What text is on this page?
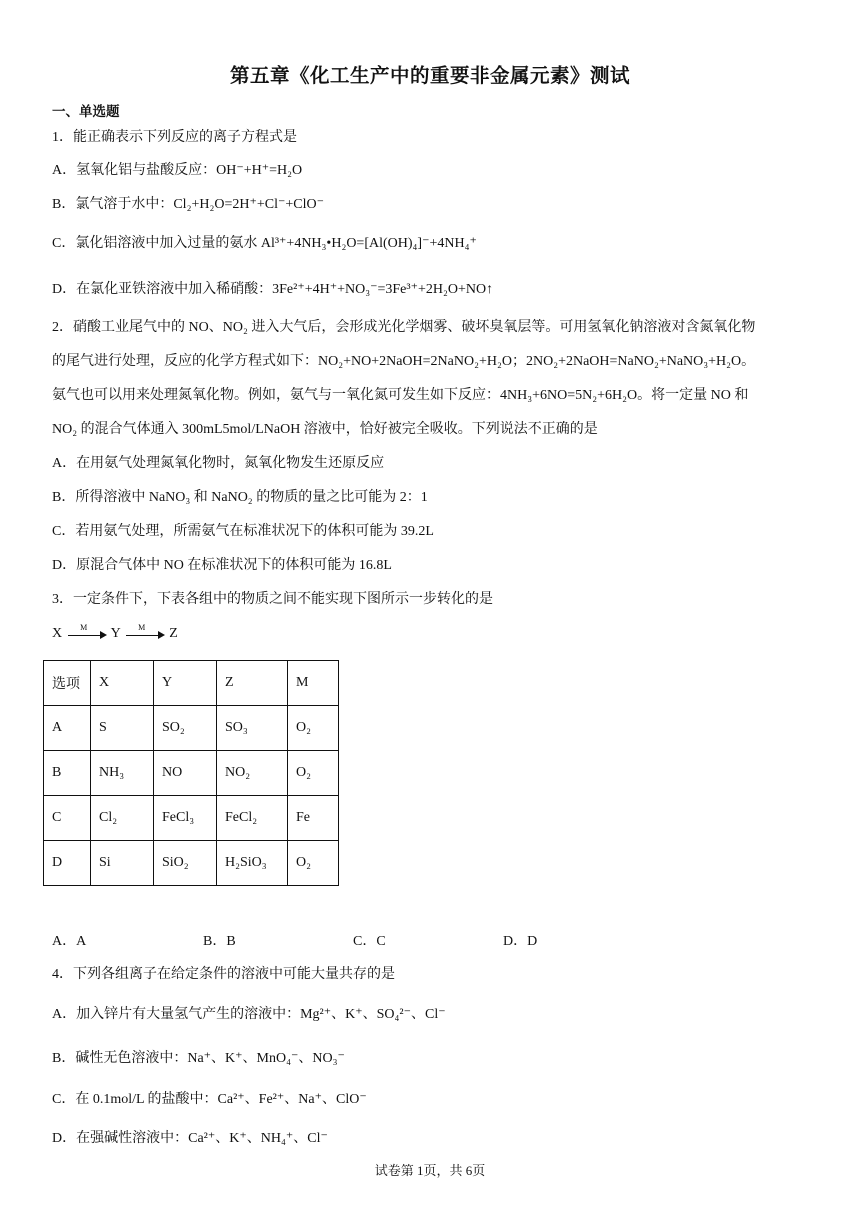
第五章《化工生产中的重要非金属元素》测试
一、单选题
1．能正确表示下列反应的离子方程式是
A．氢氧化铝与盐酸反应：OH⁻+H⁺=H₂O
B．氯气溶于水中：Cl₂+H₂O=2H⁺+Cl⁻+ClO⁻
C．氯化铝溶液中加入过量的氨水 Al³⁺+4NH₃•H₂O=[Al(OH)₄]⁻+4NH₄⁺
D．在氯化亚铁溶液中加入稀硝酸：3Fe²⁺+4H⁺+NO₃⁻=3Fe³⁺+2H₂O+NO↑
2．硝酸工业尾气中的 NO、NO₂ 进入大气后，会形成光化学烟雾、破坏臭氧层等。可用氢氧化钠溶液对含氮氧化物
的尾气进行处理，反应的化学方程式如下：NO₂+NO+2NaOH=2NaNO₂+H₂O；2NO₂+2NaOH=NaNO₂+NaNO₃+H₂O。
氨气也可以用来处理氮氧化物。例如，氨气与一氧化氮可发生如下反应：4NH₃+6NO=5N₂+6H₂O。将一定量 NO 和
NO₂ 的混合气体通入 300mL5mol/LNaOH 溶液中，恰好被完全吸收。下列说法不正确的是
A．在用氨气处理氮氧化物时，氮氧化物发生还原反应
B．所得溶液中 NaNO₃ 和 NaNO₂ 的物质的量之比可能为 2：1
C．若用氨气处理，所需氨气在标准状况下的体积可能为 39.2L
D．原混合气体中 NO 在标准状况下的体积可能为 16.8L
3．一定条件下，下表各组中的物质之间不能实现下图所示一步转化的是
X	M	Y	M	Z
选项	X	Y	Z	M
A	S	SO₂	SO₃	O₂
B	NH₃	NO	NO₂	O₂
C	Cl₂	FeCl₃	FeCl₂	Fe
D	Si	SiO₂	H₂SiO₃	O₂
A．A	B．B	C．C	D．D
4．下列各组离子在给定条件的溶液中可能大量共存的是
A．加入锌片有大量氢气产生的溶液中：Mg²⁺、K⁺、SO₄²⁻、Cl⁻
B．碱性无色溶液中：Na⁺、K⁺、MnO₄⁻、NO₃⁻
C．在 0.1mol/L 的盐酸中：Ca²⁺、Fe²⁺、Na⁺、ClO⁻
D．在强碱性溶液中：Ca²⁺、K⁺、NH₄⁺、Cl⁻
试卷第 1页，共 6页
